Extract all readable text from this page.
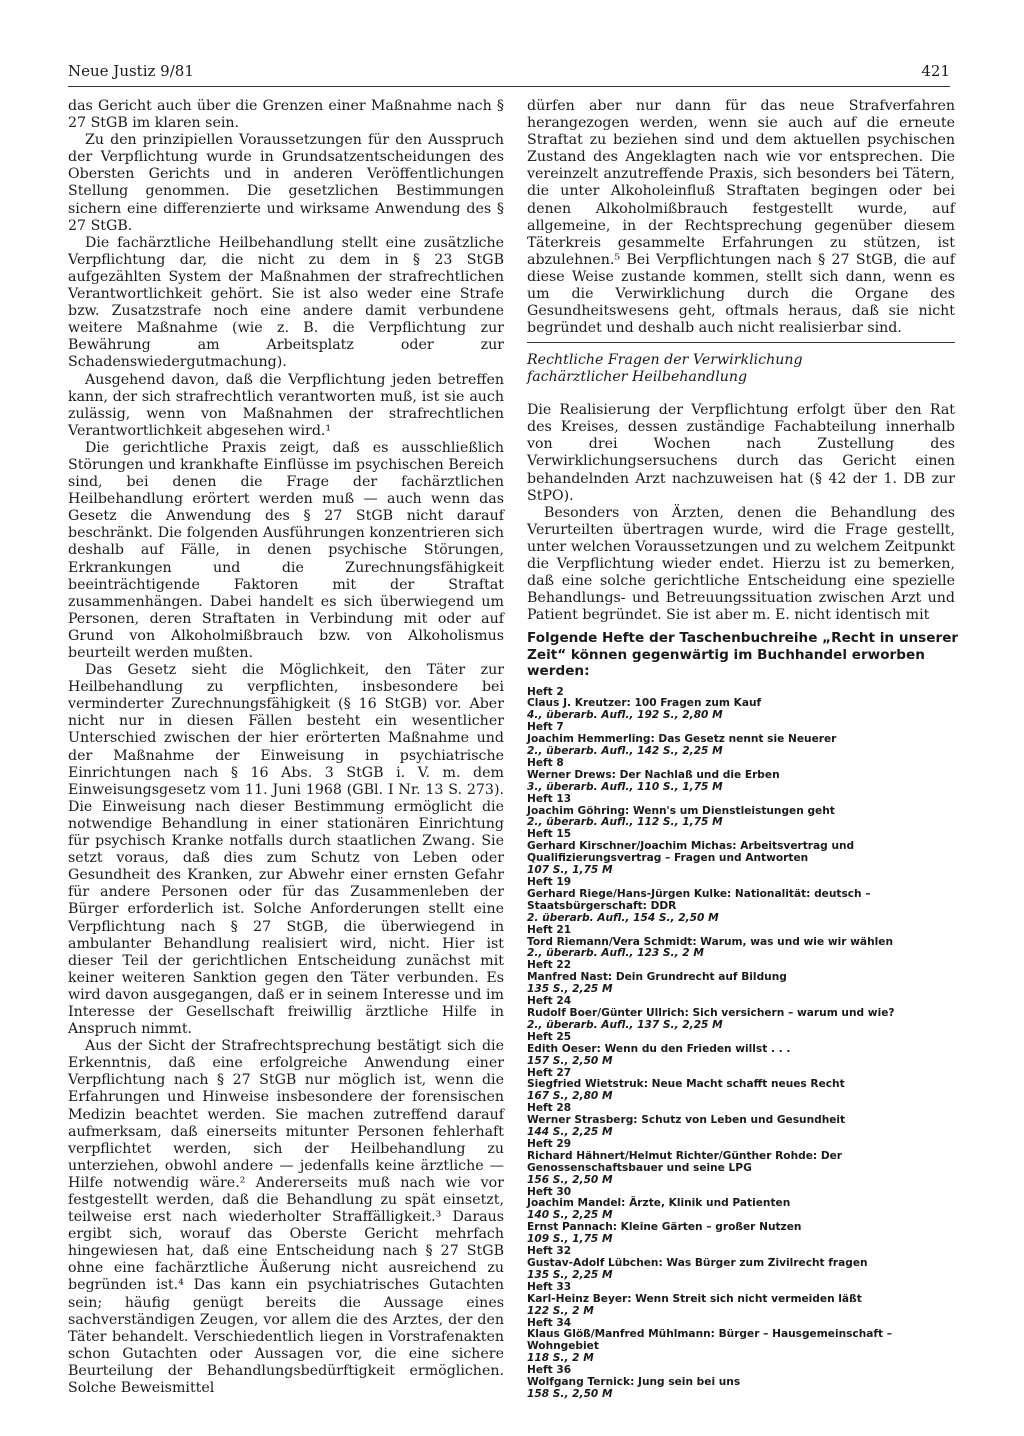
Neue Justiz 9/81	421

das Gericht auch über die Grenzen einer Maßnahme nach § 27 StGB im klaren sein.

Zu den prinzipiellen Voraussetzungen für den Ausspruch der Verpflichtung wurde in Grundsatzentscheidungen des Obersten Gerichts und in anderen Veröffentlichungen Stellung genommen. Die gesetzlichen Bestimmungen sichern eine differenzierte und wirksame Anwendung des § 27 StGB.

Die fachärztliche Heilbehandlung stellt eine zusätzliche Verpflichtung dar, die nicht zu dem in § 23 StGB aufgezählten System der Maßnahmen der strafrechtlichen Verantwortlichkeit gehört. Sie ist also weder eine Strafe bzw. Zusatzstrafe noch eine andere damit verbundene weitere Maßnahme (wie z. B. die Verpflichtung zur Bewährung am Arbeitsplatz oder zur Schadenswiedergutmachung).

Ausgehend davon, daß die Verpflichtung jeden betreffen kann, der sich strafrechtlich verantworten muß, ist sie auch zulässig, wenn von Maßnahmen der strafrechtlichen Verantwortlichkeit abgesehen wird.¹

Die gerichtliche Praxis zeigt, daß es ausschließlich Störungen und krankhafte Einflüsse im psychischen Bereich sind, bei denen die Frage der fachärztlichen Heilbehandlung erörtert werden muß — auch wenn das Gesetz die Anwendung des § 27 StGB nicht darauf beschränkt. Die folgenden Ausführungen konzentrieren sich deshalb auf Fälle, in denen psychische Störungen, Erkrankungen und die Zurechnungsfähigkeit beeinträchtigende Faktoren mit der Straftat zusammenhängen. Dabei handelt es sich überwiegend um Personen, deren Straftaten in Verbindung mit oder auf Grund von Alkoholmißbrauch bzw. von Alkoholismus beurteilt werden mußten.

Das Gesetz sieht die Möglichkeit, den Täter zur Heilbehandlung zu verpflichten, insbesondere bei verminderter Zurechnungsfähigkeit (§ 16 StGB) vor. Aber nicht nur in diesen Fällen besteht ein wesentlicher Unterschied zwischen der hier erörterten Maßnahme und der Maßnahme der Einweisung in psychiatrische Einrichtungen nach § 16 Abs. 3 StGB i. V. m. dem Einweisungsgesetz vom 11. Juni 1968 (GBl. I Nr. 13 S. 273). Die Einweisung nach dieser Bestimmung ermöglicht die notwendige Behandlung in einer stationären Einrichtung für psychisch Kranke notfalls durch staatlichen Zwang. Sie setzt voraus, daß dies zum Schutz von Leben oder Gesundheit des Kranken, zur Abwehr einer ernsten Gefahr für andere Personen oder für das Zusammenleben der Bürger erforderlich ist. Solche Anforderungen stellt eine Verpflichtung nach § 27 StGB, die überwiegend in ambulanter Behandlung realisiert wird, nicht. Hier ist dieser Teil der gerichtlichen Entscheidung zunächst mit keiner weiteren Sanktion gegen den Täter verbunden. Es wird davon ausgegangen, daß er in seinem Interesse und im Interesse der Gesellschaft freiwillig ärztliche Hilfe in Anspruch nimmt.

Aus der Sicht der Strafrechtsprechung bestätigt sich die Erkenntnis, daß eine erfolgreiche Anwendung einer Verpflichtung nach § 27 StGB nur möglich ist, wenn die Erfahrungen und Hinweise insbesondere der forensischen Medizin beachtet werden. Sie machen zutreffend darauf aufmerksam, daß einerseits mitunter Personen fehlerhaft verpflichtet werden, sich der Heilbehandlung zu unterziehen, obwohl andere — jedenfalls keine ärztliche — Hilfe notwendig wäre.² Andererseits muß nach wie vor festgestellt werden, daß die Behandlung zu spät einsetzt, teilweise erst nach wiederholter Straffälligkeit.³ Daraus ergibt sich, worauf das Oberste Gericht mehrfach hingewiesen hat, daß eine Entscheidung nach § 27 StGB ohne eine fachärztliche Äußerung nicht ausreichend zu begründen ist.⁴ Das kann ein psychiatrisches Gutachten sein; häufig genügt bereits die Aussage eines sachverständigen Zeugen, vor allem die des Arztes, der den Täter behandelt. Verschiedentlich liegen in Vorstrafenakten schon Gutachten oder Aussagen vor, die eine sichere Beurteilung der Behandlungsbedürftigkeit ermöglichen. Solche Beweismittel

dürfen aber nur dann für das neue Strafverfahren herangezogen werden, wenn sie auch auf die erneute Straftat zu beziehen sind und dem aktuellen psychischen Zustand des Angeklagten nach wie vor entsprechen. Die vereinzelt anzutreffende Praxis, sich besonders bei Tätern, die unter Alkoholeinfluß Straftaten begingen oder bei denen Alkoholmißbrauch festgestellt wurde, auf allgemeine, in der Rechtsprechung gegenüber diesem Täterkreis gesammelte Erfahrungen zu stützen, ist abzulehnen.⁵ Bei Verpflichtungen nach § 27 StGB, die auf diese Weise zustande kommen, stellt sich dann, wenn es um die Verwirklichung durch die Organe des Gesundheitswesens geht, oftmals heraus, daß sie nicht begründet und deshalb auch nicht realisierbar sind.

Rechtliche Fragen der Verwirklichung
fachärztlicher Heilbehandlung

Die Realisierung der Verpflichtung erfolgt über den Rat des Kreises, dessen zuständige Fachabteilung innerhalb von drei Wochen nach Zustellung des Verwirklichungsersuchens durch das Gericht einen behandelnden Arzt nachzuweisen hat (§ 42 der 1. DB zur StPO).

Besonders von Ärzten, denen die Behandlung des Verurteilten übertragen wurde, wird die Frage gestellt, unter welchen Voraussetzungen und zu welchem Zeitpunkt die Verpflichtung wieder endet. Hierzu ist zu bemerken, daß eine solche gerichtliche Entscheidung eine spezielle Behandlungs- und Betreuungssituation zwischen Arzt und Patient begründet. Sie ist aber m. E. nicht identisch mit

Folgende Hefte der Taschenbuchreihe „Recht in unserer Zeit“ können gegenwärtig im Buchhandel erworben werden:

Heft 2
Claus J. Kreutzer: 100 Fragen zum Kauf
4., überarb. Aufl., 192 S., 2,80 M
Heft 7
Joachim Hemmerling: Das Gesetz nennt sie Neuerer
2., überarb. Aufl., 142 S., 2,25 M
Heft 8
Werner Drews: Der Nachlaß und die Erben
3., überarb. Aufl., 110 S., 1,75 M
Heft 13
Joachim Göhring: Wenn's um Dienstleistungen geht
2., überarb. Aufl., 112 S., 1,75 M
Heft 15
Gerhard Kirschner/Joachim Michas: Arbeitsvertrag und Qualifizierungsvertrag – Fragen und Antworten
107 S., 1,75 M
Heft 19
Gerhard Riege/Hans-Jürgen Kulke: Nationalität: deutsch – Staatsbürgerschaft: DDR
2. überarb. Aufl., 154 S., 2,50 M
Heft 21
Tord Riemann/Vera Schmidt: Warum, was und wie wir wählen
2., überarb. Aufl., 123 S., 2 M
Heft 22
Manfred Nast: Dein Grundrecht auf Bildung
135 S., 2,25 M
Heft 24
Rudolf Boer/Günter Ullrich: Sich versichern – warum und wie?
2., überarb. Aufl., 137 S., 2,25 M
Heft 25
Edith Oeser: Wenn du den Frieden willst . . .
157 S., 2,50 M
Heft 27
Siegfried Wietstruk: Neue Macht schafft neues Recht
167 S., 2,80 M
Heft 28
Werner Strasberg: Schutz von Leben und Gesundheit
144 S., 2,25 M
Heft 29
Richard Hähnert/Helmut Richter/Günther Rohde: Der Genossenschaftsbauer und seine LPG
156 S., 2,50 M
Heft 30
Joachim Mandel: Ärzte, Klinik und Patienten
140 S., 2,25 M
Ernst Pannach: Kleine Gärten – großer Nutzen
109 S., 1,75 M
Heft 32
Gustav-Adolf Lübchen: Was Bürger zum Zivilrecht fragen
135 S., 2,25 M
Heft 33
Karl-Heinz Beyer: Wenn Streit sich nicht vermeiden läßt
122 S., 2 M
Heft 34
Klaus Glöß/Manfred Mühlmann: Bürger – Hausgemeinschaft – Wohngebiet
118 S., 2 M
Heft 36
Wolfgang Ternick: Jung sein bei uns
158 S., 2,50 M
